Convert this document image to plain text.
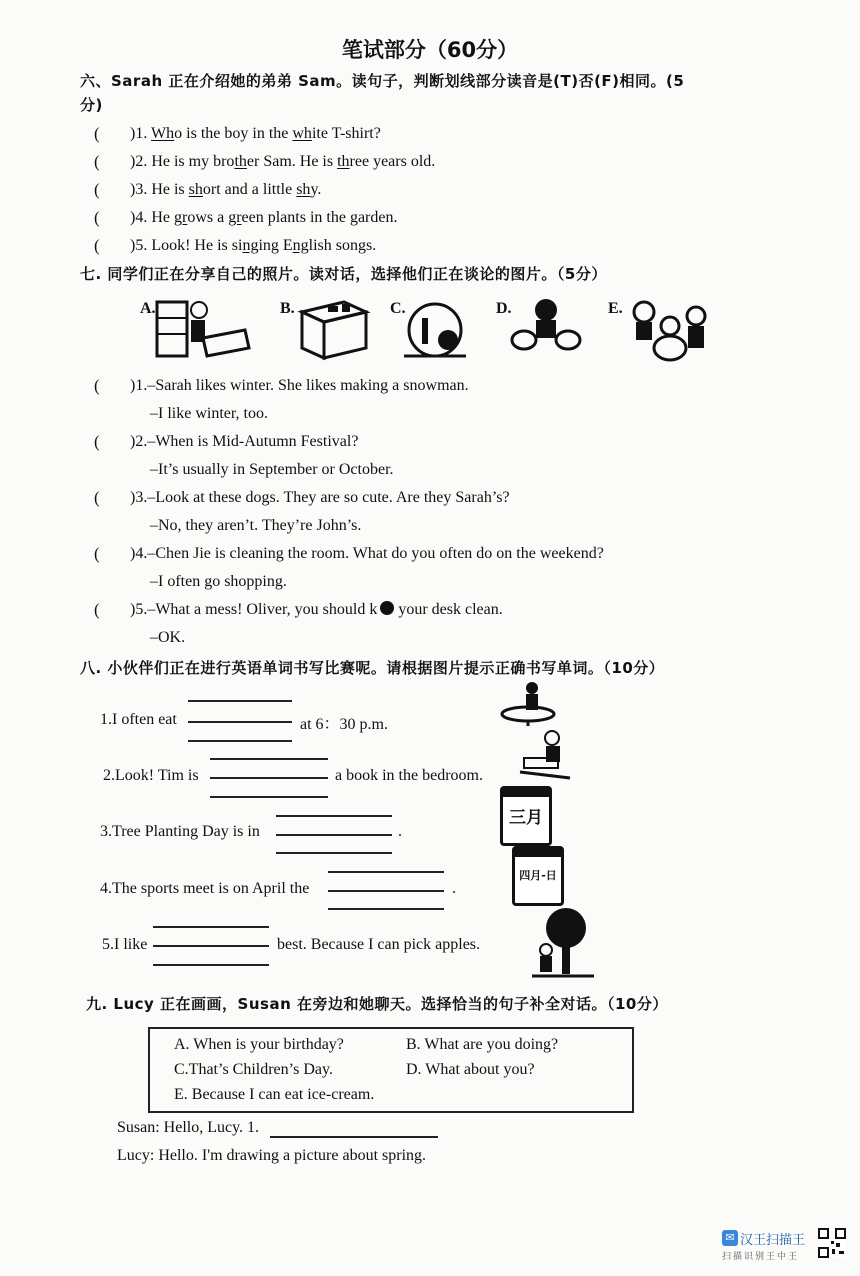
笔试部分（60分）
六、Sarah 正在介绍她的弟弟 Sam。读句子，判断划线部分读音是(T)否(F)相同。(5
分)
( )1. Who is the boy in the white T-shirt?
( )2. He is my brother Sam. He is three years old.
( )3. He is short and a little shy.
( )4. He grows a green plants in the garden.
( )5. Look! He is singing English songs.
七. 同学们正在分享自己的照片。读对话，选择他们正在谈论的图片。（5分）
A.	B.	C.	D.	E.
( )1.–Sarah likes winter. She likes making a snowman.
–I like winter, too.
( )2.–When is Mid-Autumn Festival?
–It’s usually in September or October.
( )3.–Look at these dogs. They are so cute. Are they Sarah’s?
–No, they aren’t. They’re John’s.
( )4.–Chen Jie is cleaning the room. What do you often do on the weekend?
–I often go shopping.
( )5.–What a mess! Oliver, you should k your desk clean.
–OK.
八. 小伙伴们正在进行英语单词书写比赛呢。请根据图片提示正确书写单词。（10分）
1.I often eat	at 6：30 p.m.
2.Look! Tim is	a book in the bedroom.
3.Tree Planting Day is in	.
三月
4.The sports meet is on April the	.
四月-日
5.I like	best. Because I can pick apples.
九. Lucy 正在画画，Susan 在旁边和她聊天。选择恰当的句子补全对话。（10分）
A. When is your birthday?	B. What are you doing?
C.That’s Children’s Day.	D. What about you?
E. Because I can eat ice-cream.
Susan: Hello, Lucy. 1.
Lucy: Hello. I'm drawing a picture about spring.
✉ 汉王扫描王
扫描识别王中王
